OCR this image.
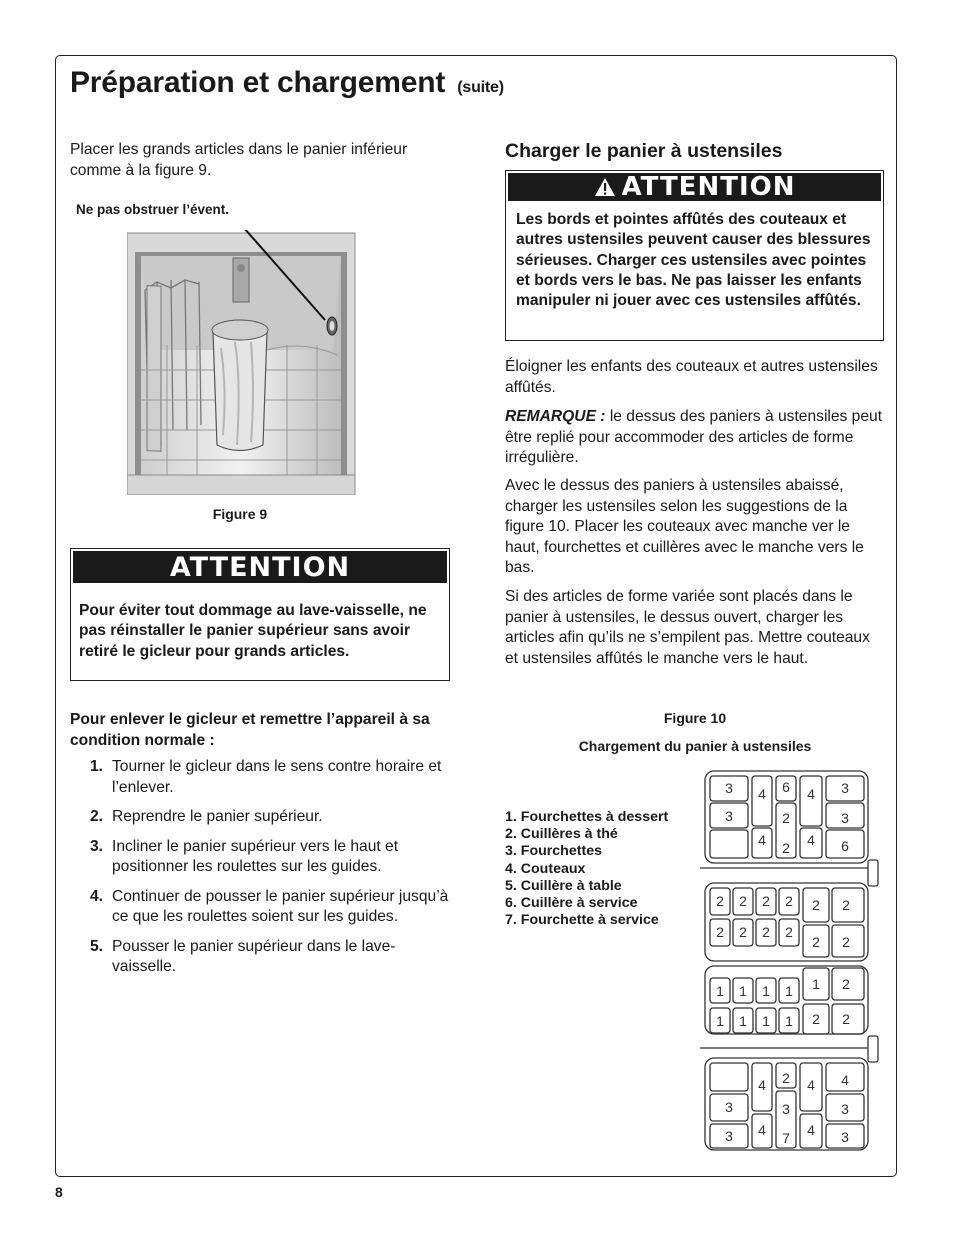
Préparation et chargement (suite)

Placer les grands articles dans le panier inférieur comme à la figure 9.

Ne pas obstruer l’évent.

Figure 9

ATTENTION

Pour éviter tout dommage au lave-vaisselle, ne pas réinstaller le panier supérieur sans avoir retiré le gicleur pour grands articles.

Pour enlever le gicleur et remettre l’appareil à sa condition normale :

1. Tourner le gicleur dans le sens contre horaire et l’enlever.
2. Reprendre le panier supérieur.
3. Incliner le panier supérieur vers le haut et positionner les roulettes sur les guides.
4. Continuer de pousser le panier supérieur jusqu’à ce que les roulettes soient sur les guides.
5. Pousser le panier supérieur dans le lave-vaisselle.
Charger le panier à ustensiles
ATTENTION

Les bords et pointes affûtés des couteaux et autres ustensiles peuvent causer des blessures sérieuses. Charger ces ustensiles avec pointes et bords vers le bas. Ne pas laisser les enfants manipuler ni jouer avec ces ustensiles affûtés.

Éloigner les enfants des couteaux et autres ustensiles affûtés.

REMARQUE : le dessus des paniers à ustensiles peut être replié pour accommoder des articles de forme irrégulière.

Avec le dessus des paniers à ustensiles abaissé, charger les ustensiles selon les suggestions de la figure 10. Placer les couteaux avec manche ver le haut, fourchettes et cuillères avec le manche vers le bas.

Si des articles de forme variée sont placés dans le panier à ustensiles, le dessus ouvert, charger les articles afin qu’ils ne s’empilent pas. Mettre couteaux et ustensiles affûtés le manche vers le haut.

Figure 10

Chargement du panier à ustensiles

1. Fourchettes à dessert
2. Cuillères à thé
3. Fourchettes
4. Couteaux
5. Cuillère à table
6. Cuillère à service
7. Fourchette à service
3 4 6 4 3
3
4
2
2 4
3
6
2 2 2 2 2 2
2 2 2 2
2 2
1 1 1 1 1 2
1 1 1 1 2 2
4 2 4 4
3	3	3
3 4 7 4 3

8
